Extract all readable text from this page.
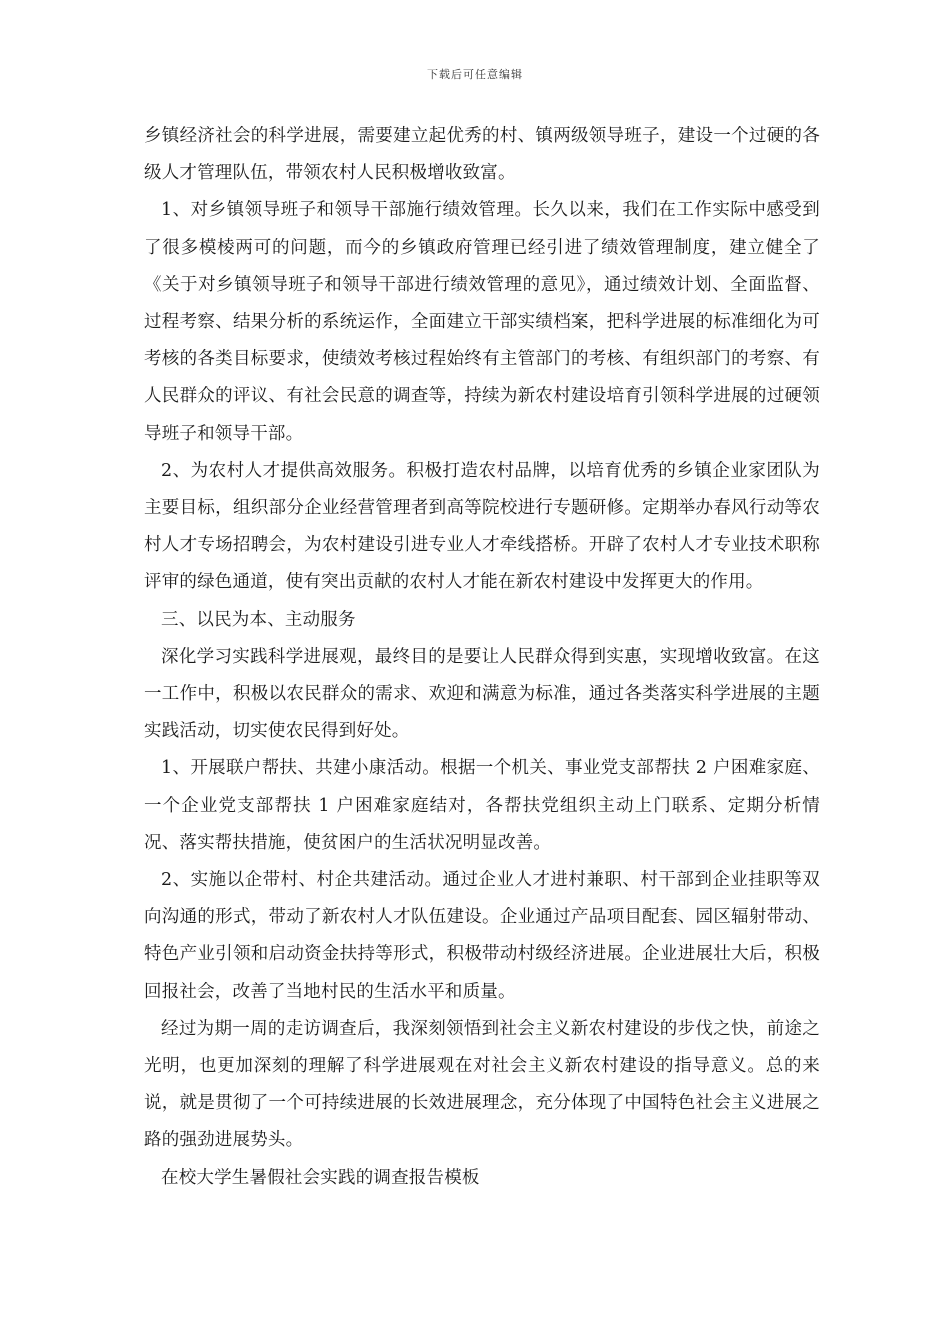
下载后可任意编辑

乡镇经济社会的科学进展，需要建立起优秀的村、镇两级领导班子，建设一个过硬的各级人才管理队伍，带领农村人民积极增收致富。

1、对乡镇领导班子和领导干部施行绩效管理。长久以来，我们在工作实际中感受到了很多模棱两可的问题，而今的乡镇政府管理已经引进了绩效管理制度，建立健全了《关于对乡镇领导班子和领导干部进行绩效管理的意见》，通过绩效计划、全面监督、过程考察、结果分析的系统运作，全面建立干部实绩档案，把科学进展的标准细化为可考核的各类目标要求，使绩效考核过程始终有主管部门的考核、有组织部门的考察、有人民群众的评议、有社会民意的调查等，持续为新农村建设培育引领科学进展的过硬领导班子和领导干部。

2、为农村人才提供高效服务。积极打造农村品牌，以培育优秀的乡镇企业家团队为主要目标，组织部分企业经营管理者到高等院校进行专题研修。定期举办春风行动等农村人才专场招聘会，为农村建设引进专业人才牵线搭桥。开辟了农村人才专业技术职称评审的绿色通道，使有突出贡献的农村人才能在新农村建设中发挥更大的作用。

三、以民为本、主动服务

深化学习实践科学进展观，最终目的是要让人民群众得到实惠，实现增收致富。在这一工作中，积极以农民群众的需求、欢迎和满意为标准，通过各类落实科学进展的主题实践活动，切实使农民得到好处。

1、开展联户帮扶、共建小康活动。根据一个机关、事业党支部帮扶 2 户困难家庭、一个企业党支部帮扶 1 户困难家庭结对，各帮扶党组织主动上门联系、定期分析情况、落实帮扶措施，使贫困户的生活状况明显改善。

2、实施以企带村、村企共建活动。通过企业人才进村兼职、村干部到企业挂职等双向沟通的形式，带动了新农村人才队伍建设。企业通过产品项目配套、园区辐射带动、特色产业引领和启动资金扶持等形式，积极带动村级经济进展。企业进展壮大后，积极回报社会，改善了当地村民的生活水平和质量。

经过为期一周的走访调查后，我深刻领悟到社会主义新农村建设的步伐之快，前途之光明，也更加深刻的理解了科学进展观在对社会主义新农村建设的指导意义。总的来说，就是贯彻了一个可持续进展的长效进展理念，充分体现了中国特色社会主义进展之路的强劲进展势头。

在校大学生暑假社会实践的调查报告模板
